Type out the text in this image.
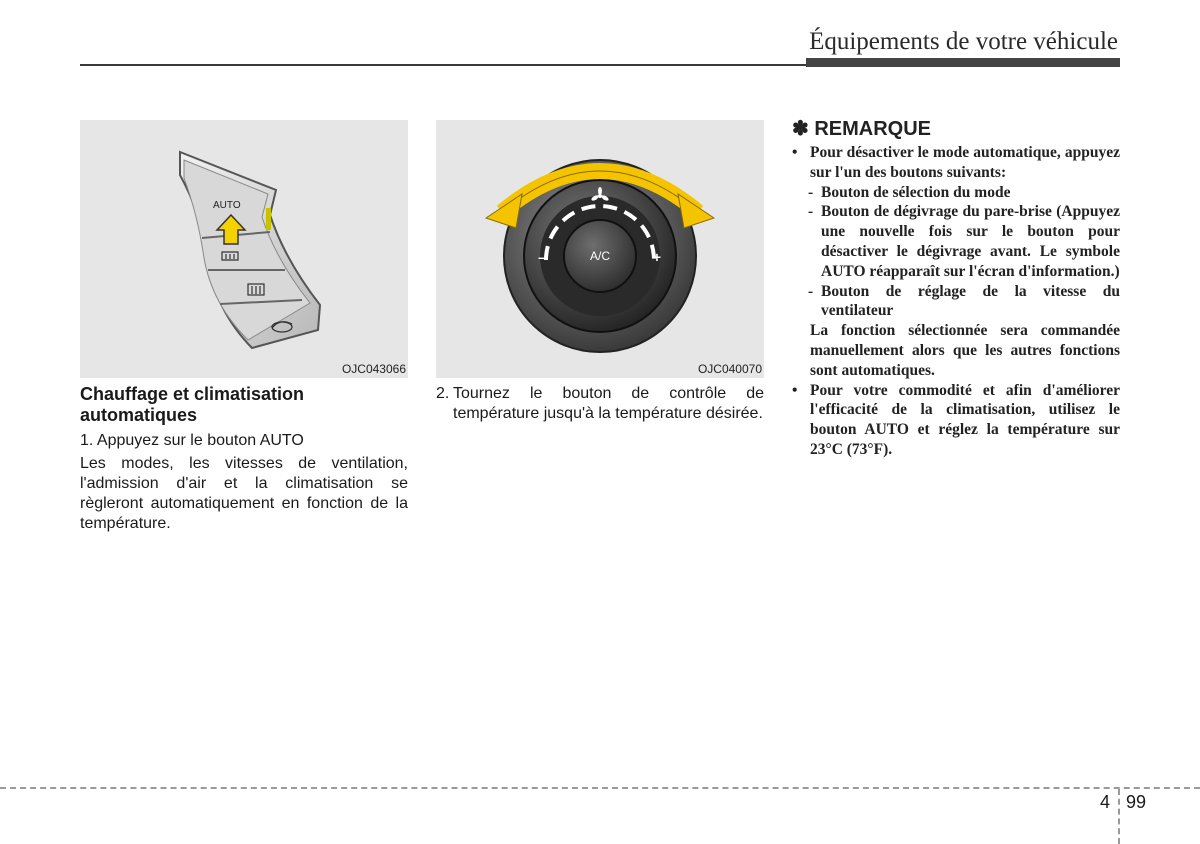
Équipements de votre véhicule
AUTO
OJC043066
A/C
–	+
OJC040070
Chauffage et climatisation automatiques
1. Appuyez sur le bouton AUTO
Les modes, les vitesses de ventilation, l'admission d'air et la climatisation se règleront automatiquement en fonction de la température.
2. Tournez le bouton de contrôle de température jusqu'à la température désirée.
✽ REMARQUE
• Pour désactiver le mode automatique, appuyez sur l'un des boutons suivants:
- Bouton de sélection du mode
- Bouton de dégivrage du pare-brise (Appuyez une nouvelle fois sur le bouton pour désactiver le dégivrage avant. Le symbole AUTO réapparaît sur l'écran d'information.)
- Bouton de réglage de la vitesse du ventilateur
La fonction sélectionnée sera commandée manuellement alors que les autres fonctions sont automatiques.
• Pour votre commodité et afin d'améliorer l'efficacité de la climatisation, utilisez le bouton AUTO et réglez la température sur 23°C (73°F).
4 99
